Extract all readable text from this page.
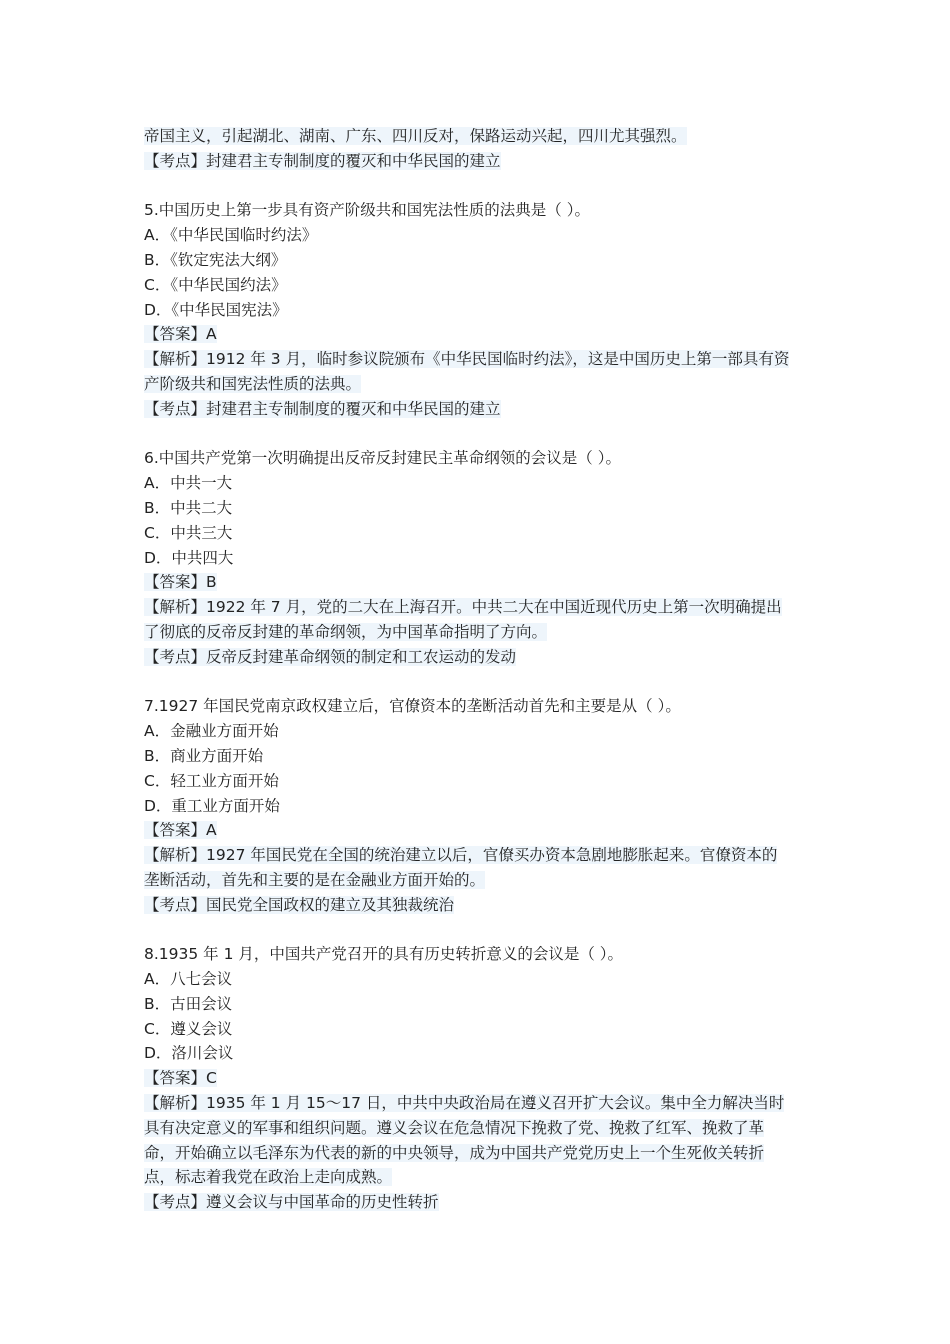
帝国主义，引起湖北、湖南、广东、四川反对，保路运动兴起，四川尤其强烈。
【考点】封建君主专制制度的覆灭和中华民国的建立
5.中国历史上第一步具有资产阶级共和国宪法性质的法典是（ ）。
A．《中华民国临时约法》
B．《钦定宪法大纲》
C．《中华民国约法》
D．《中华民国宪法》
【答案】A
【解析】1912 年 3 月，临时参议院颁布《中华民国临时约法》，这是中国历史上第一部具有资
产阶级共和国宪法性质的法典。
【考点】封建君主专制制度的覆灭和中华民国的建立
6.中国共产党第一次明确提出反帝反封建民主革命纲领的会议是（ ）。
A．中共一大
B．中共二大
C．中共三大
D．中共四大
【答案】B
【解析】1922 年 7 月，党的二大在上海召开。中共二大在中国近现代历史上第一次明确提出
了彻底的反帝反封建的革命纲领，为中国革命指明了方向。
【考点】反帝反封建革命纲领的制定和工农运动的发动
7.1927 年国民党南京政权建立后，官僚资本的垄断活动首先和主要是从（ ）。
A．金融业方面开始
B．商业方面开始
C．轻工业方面开始
D．重工业方面开始
【答案】A
【解析】1927 年国民党在全国的统治建立以后，官僚买办资本急剧地膨胀起来。官僚资本的
垄断活动，首先和主要的是在金融业方面开始的。
【考点】国民党全国政权的建立及其独裁统治
8.1935 年 1 月，中国共产党召开的具有历史转折意义的会议是（ ）。
A．八七会议
B．古田会议
C．遵义会议
D．洛川会议
【答案】C
【解析】1935 年 1 月 15～17 日，中共中央政治局在遵义召开扩大会议。集中全力解决当时
具有决定意义的军事和组织问题。遵义会议在危急情况下挽救了党、挽救了红军、挽救了革
命，开始确立以毛泽东为代表的新的中央领导，成为中国共产党党历史上一个生死攸关转折
点，标志着我党在政治上走向成熟。
【考点】遵义会议与中国革命的历史性转折
